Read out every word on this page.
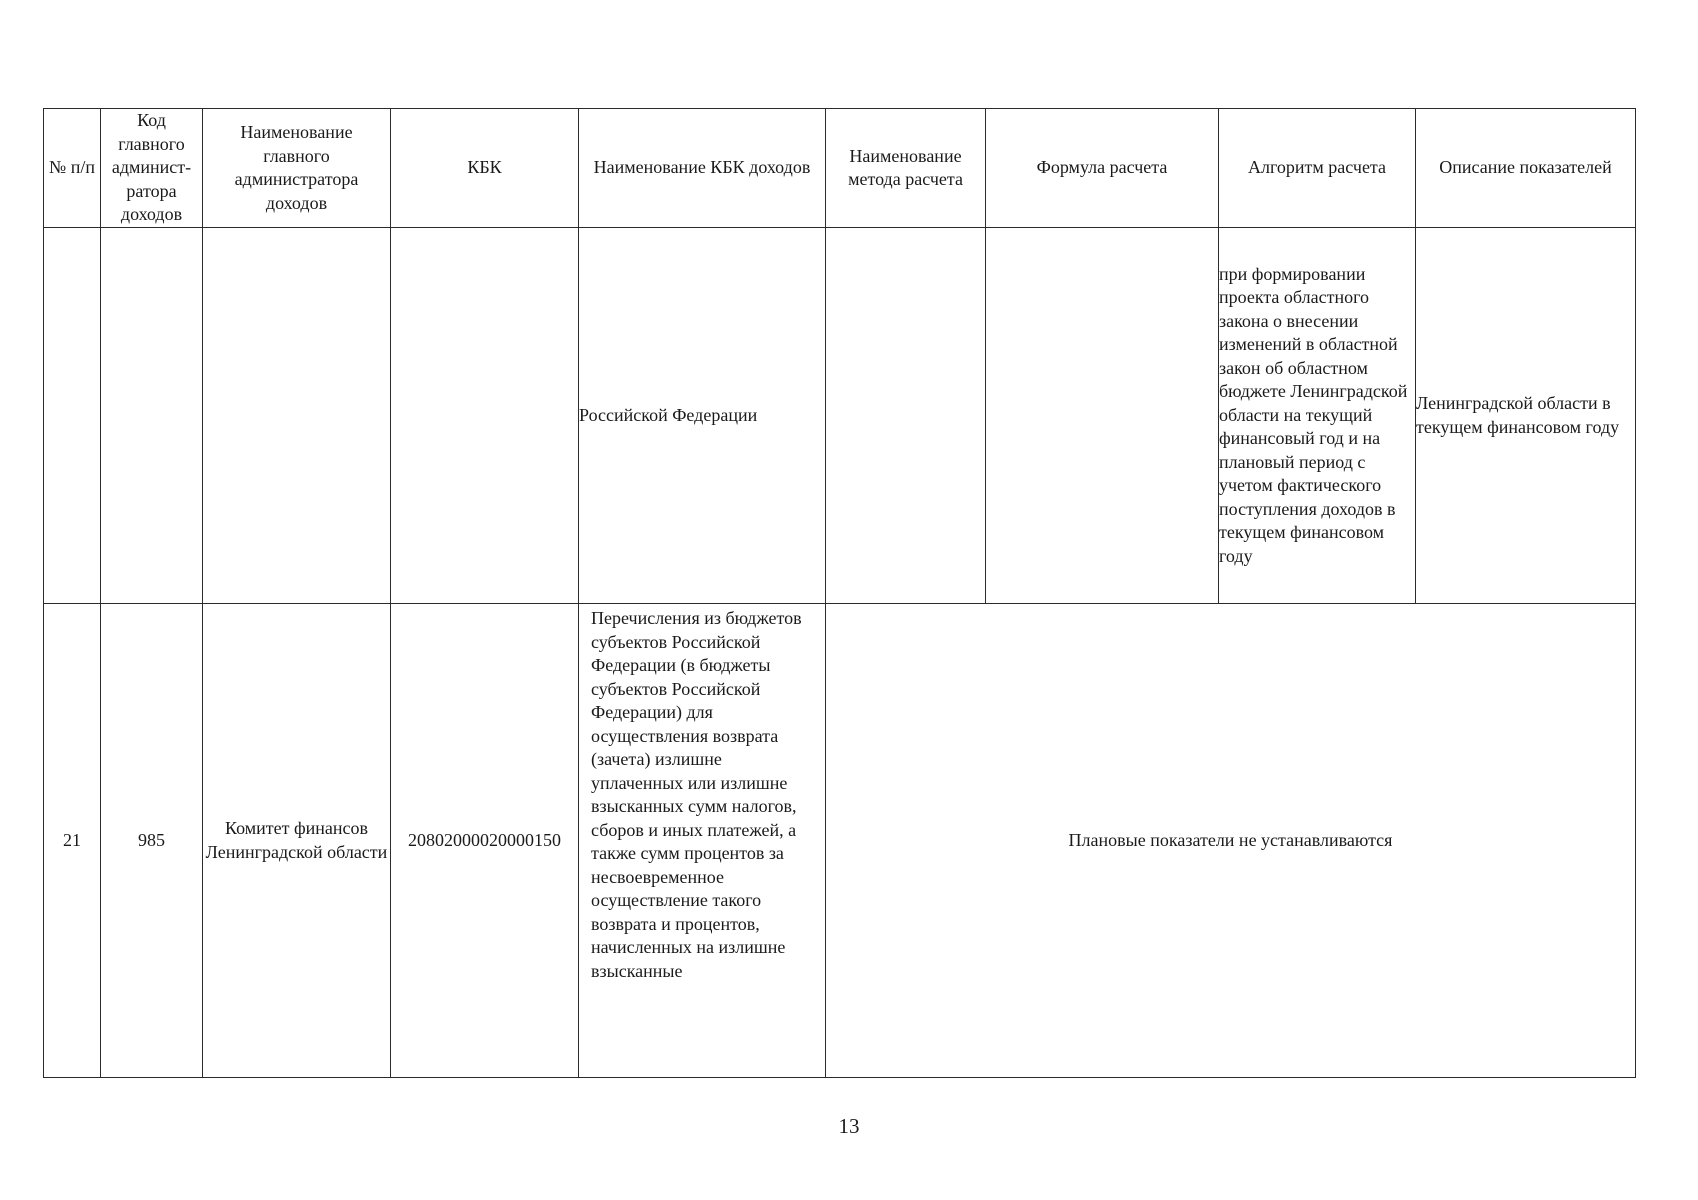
№ п/п	Код главного админист-ратора доходов	Наименование главного администратора доходов	КБК	Наименование КБК доходов	Наименование метода расчета	Формула расчета	Алгоритм расчета	Описание показателей
				Российской Федерации			при формировании проекта областного закона о внесении изменений в областной закон об областном бюджете Ленинградской области на текущий финансовый год и на плановый период с учетом фактического поступления доходов в текущем финансовом году	Ленинградской области в текущем финансовом году
21	985	Комитет финансов Ленинградской области	20802000020000150	Перечисления из бюджетов субъектов Российской Федерации (в бюджеты субъектов Российской Федерации) для осуществления возврата (зачета) излишне уплаченных или излишне взысканных сумм налогов, сборов и иных платежей, а также сумм процентов за несвоевременное осуществление такого возврата и процентов, начисленных на излишне взысканные	Плановые показатели не устанавливаются			
13
